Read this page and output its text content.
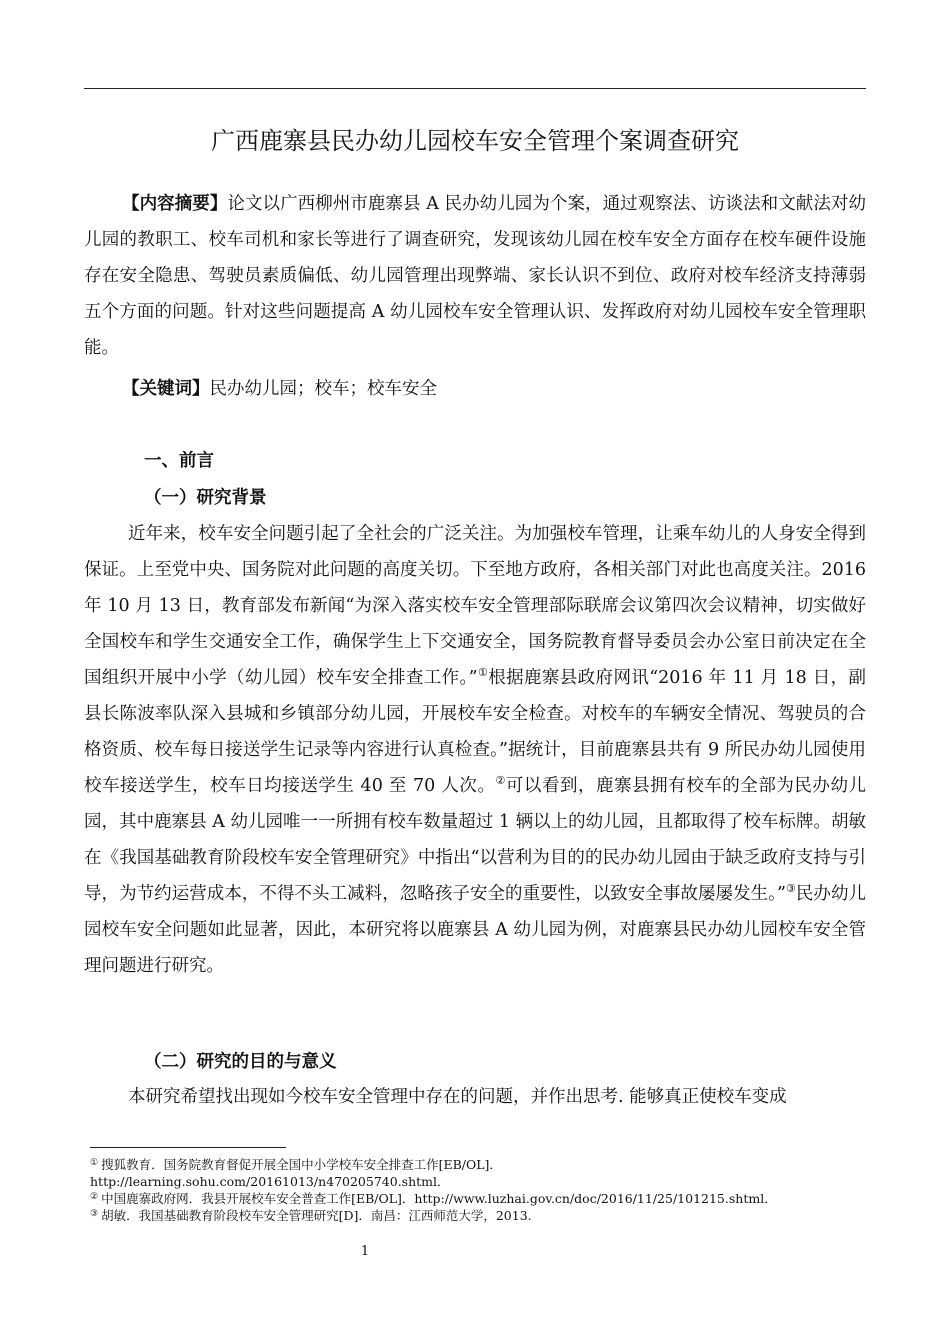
广西鹿寨县民办幼儿园校车安全管理个案调查研究

【内容摘要】论文以广西柳州市鹿寨县 A 民办幼儿园为个案，通过观察法、访谈法和文献法对幼儿园的教职工、校车司机和家长等进行了调查研究，发现该幼儿园在校车安全方面存在校车硬件设施存在安全隐患、驾驶员素质偏低、幼儿园管理出现弊端、家长认识不到位、政府对校车经济支持薄弱五个方面的问题。针对这些问题提高 A 幼儿园校车安全管理认识、发挥政府对幼儿园校车安全管理职能。

【关键词】民办幼儿园；校车；校车安全

一、前言
（一）研究背景

近年来，校车安全问题引起了全社会的广泛关注。为加强校车管理，让乘车幼儿的人身安全得到保证。上至党中央、国务院对此问题的高度关切。下至地方政府，各相关部门对此也高度关注。2016 年 10 月 13 日，教育部发布新闻“为深入落实校车安全管理部际联席会议第四次会议精神，切实做好全国校车和学生交通安全工作，确保学生上下交通安全，国务院教育督导委员会办公室日前决定在全国组织开展中小学（幼儿园）校车安全排查工作。”①根据鹿寨县政府网讯“2016 年 11 月 18 日，副县长陈波率队深入县城和乡镇部分幼儿园，开展校车安全检查。对校车的车辆安全情况、驾驶员的合格资质、校车每日接送学生记录等内容进行认真检查。”据统计，目前鹿寨县共有 9 所民办幼儿园使用校车接送学生，校车日均接送学生 40 至 70 人次。②可以看到，鹿寨县拥有校车的全部为民办幼儿园，其中鹿寨县 A 幼儿园唯一一所拥有校车数量超过 1 辆以上的幼儿园，且都取得了校车标牌。胡敏在《我国基础教育阶段校车安全管理研究》中指出“以营利为目的的民办幼儿园由于缺乏政府支持与引导，为节约运营成本，不得不头工减料，忽略孩子安全的重要性，以致安全事故屡屡发生。”③民办幼儿园校车安全问题如此显著，因此，本研究将以鹿寨县 A 幼儿园为例，对鹿寨县民办幼儿园校车安全管理问题进行研究。

（二）研究的目的与意义

本研究希望找出现如今校车安全管理中存在的问题，并作出思考. 能够真正使校车变成

① 搜狐教育．国务院教育督促开展全国中小学校车安全排查工作[EB/OL]．http://learning.sohu.com/20161013/n470205740.shtml．

② 中国鹿寨政府网．我县开展校车安全普查工作[EB/OL]．http://www.luzhai.gov.cn/doc/2016/11/25/101215.shtml．

③ 胡敏．我国基础教育阶段校车安全管理研究[D]．南昌：江西师范大学，2013.

1
